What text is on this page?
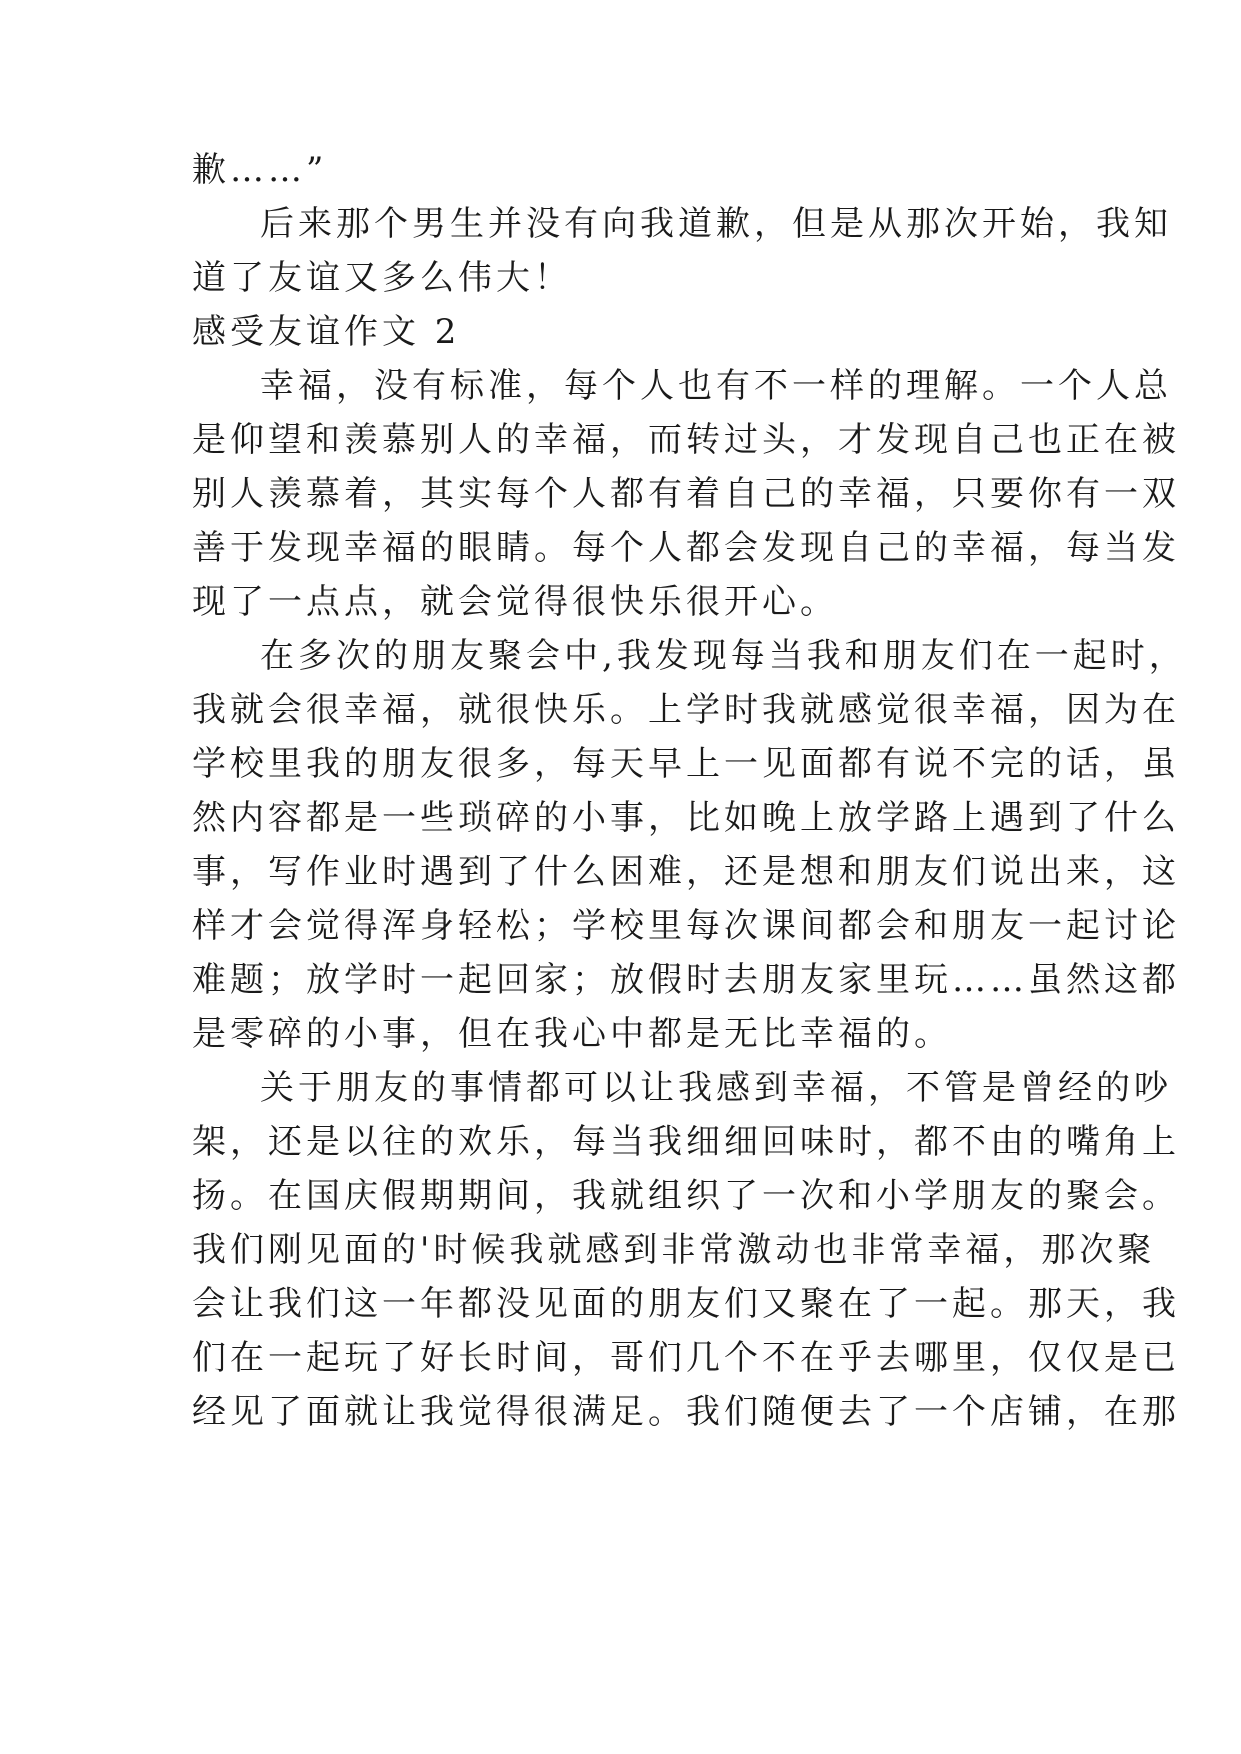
歉……”
后来那个男生并没有向我道歉，但是从那次开始，我知
道了友谊又多么伟大！
感受友谊作文 2
幸福，没有标准，每个人也有不一样的理解。一个人总
是仰望和羡慕别人的幸福，而转过头，才发现自己也正在被
别人羡慕着，其实每个人都有着自己的幸福，只要你有一双
善于发现幸福的眼睛。每个人都会发现自己的幸福，每当发
现了一点点，就会觉得很快乐很开心。
在多次的朋友聚会中,我发现每当我和朋友们在一起时，
我就会很幸福，就很快乐。上学时我就感觉很幸福，因为在
学校里我的朋友很多，每天早上一见面都有说不完的话，虽
然内容都是一些琐碎的小事，比如晚上放学路上遇到了什么
事，写作业时遇到了什么困难，还是想和朋友们说出来，这
样才会觉得浑身轻松；学校里每次课间都会和朋友一起讨论
难题；放学时一起回家；放假时去朋友家里玩……虽然这都
是零碎的小事，但在我心中都是无比幸福的。
关于朋友的事情都可以让我感到幸福，不管是曾经的吵
架，还是以往的欢乐，每当我细细回味时，都不由的嘴角上
扬。在国庆假期期间，我就组织了一次和小学朋友的聚会。
我们刚见面的'时候我就感到非常激动也非常幸福，那次聚
会让我们这一年都没见面的朋友们又聚在了一起。那天，我
们在一起玩了好长时间，哥们几个不在乎去哪里，仅仅是已
经见了面就让我觉得很满足。我们随便去了一个店铺，在那
